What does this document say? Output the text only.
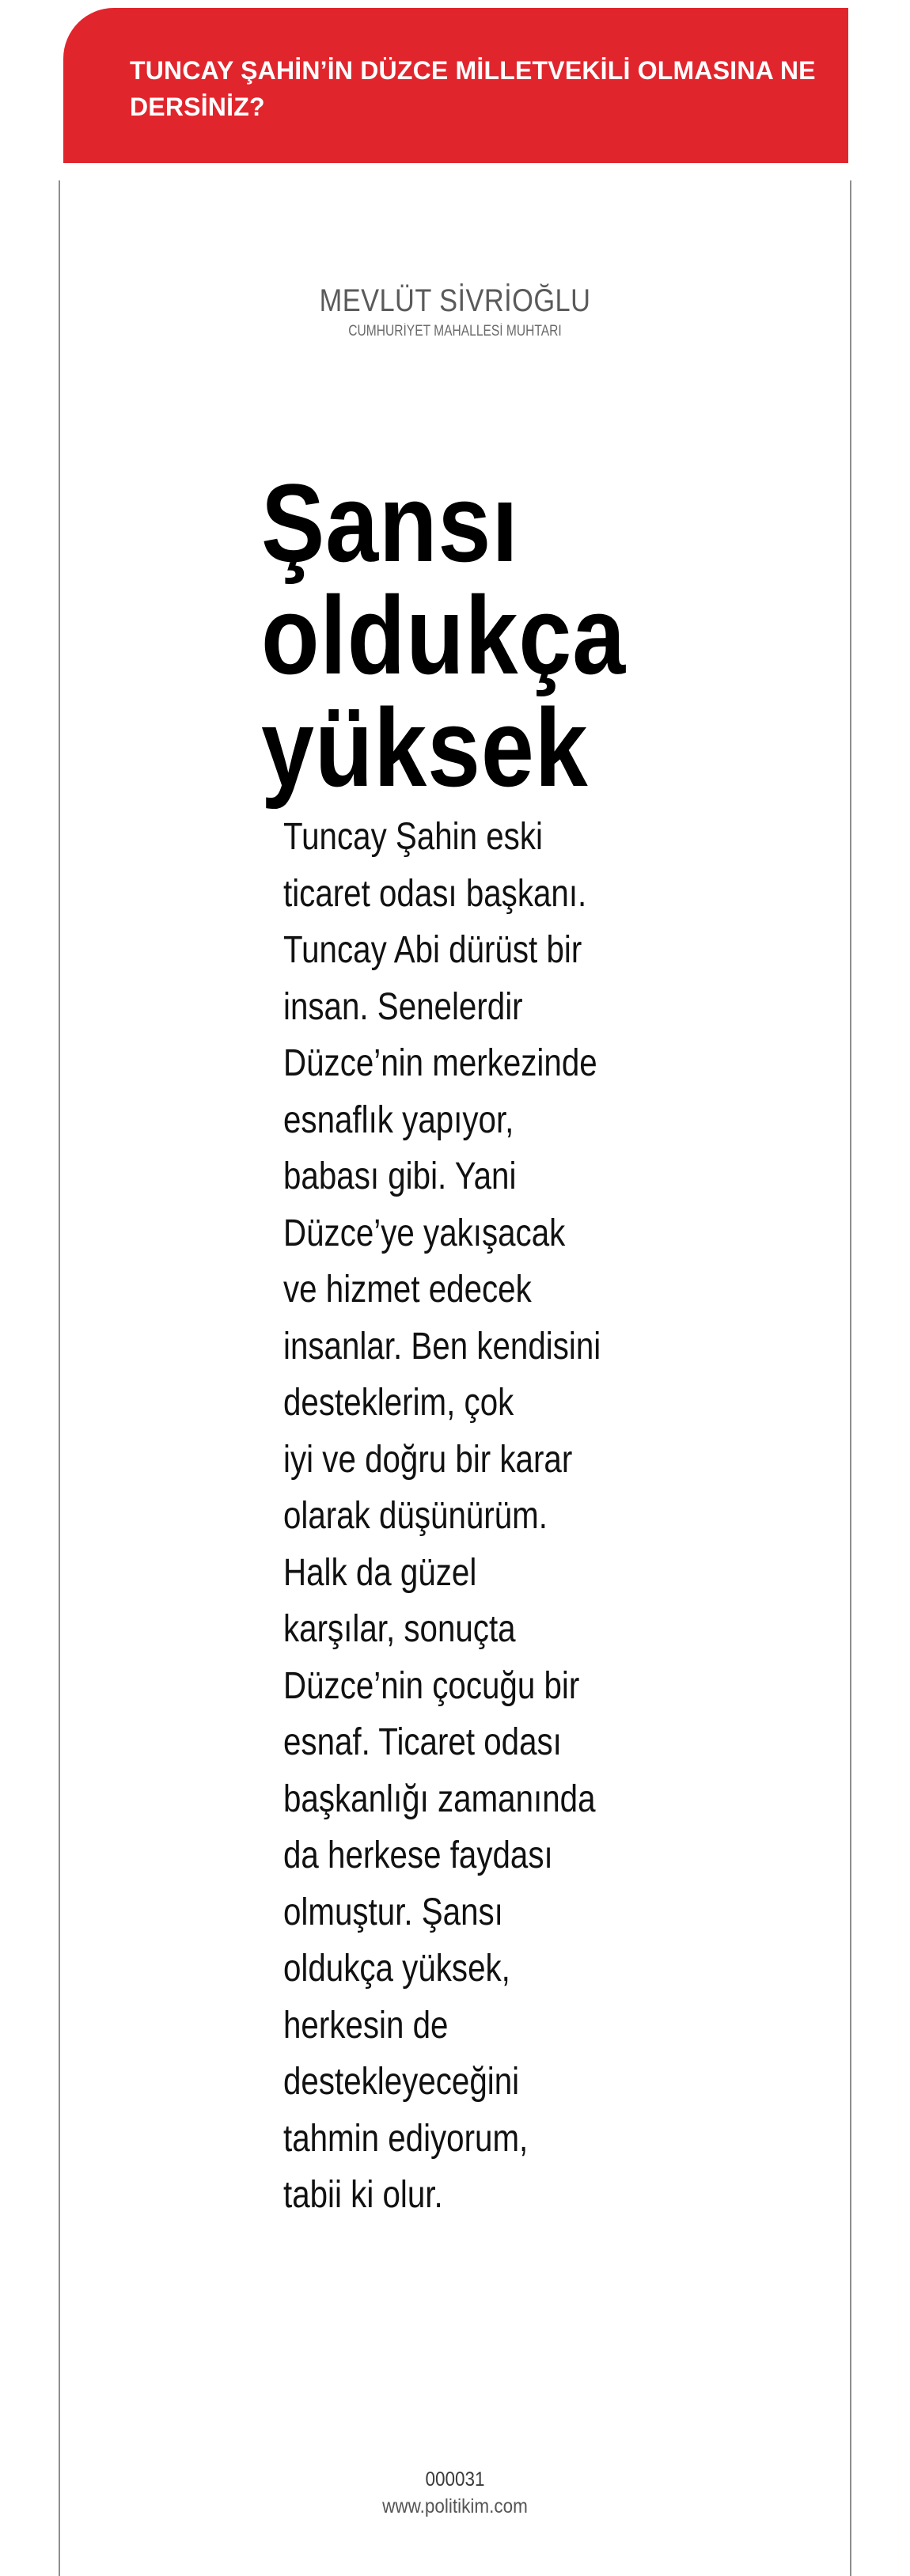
TUNCAY ŞAHİN’İN DÜZCE MİLLETVEKİLİ OLMASINA NE DERSİNİZ?
MEVLÜT SİVRİOĞLU
CUMHURİYET MAHALLESİ MUHTARI
Şansı
oldukça
yüksek
Tuncay Şahin eski
ticaret odası başkanı.
Tuncay Abi dürüst bir
insan. Senelerdir
Düzce’nin merkezinde
esnaflık yapıyor,
babası gibi. Yani
Düzce’ye yakışacak
ve hizmet edecek
insanlar. Ben kendisini
desteklerim, çok
iyi ve doğru bir karar
olarak düşünürüm.
Halk da güzel
karşılar, sonuçta
Düzce’nin çocuğu bir
esnaf. Ticaret odası
başkanlığı zamanında
da herkese faydası
olmuştur. Şansı
oldukça yüksek,
herkesin de
destekleyeceğini
tahmin ediyorum,
tabii ki olur.
000031
www.politikim.com
